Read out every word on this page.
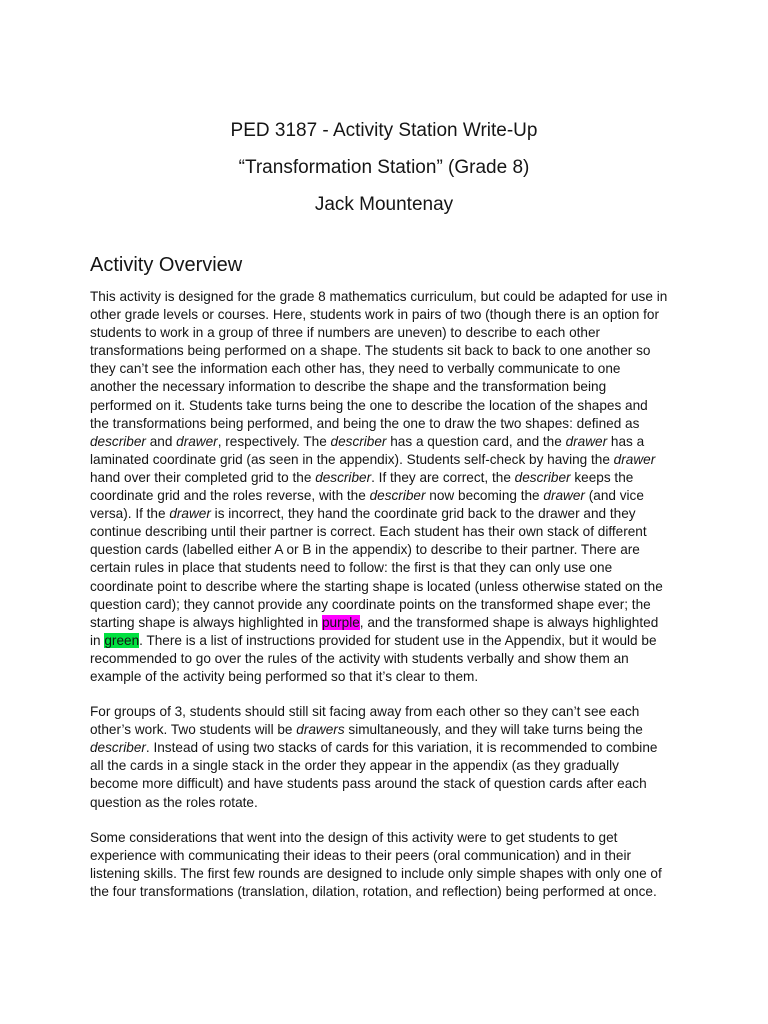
PED 3187 - Activity Station Write-Up

“Transformation Station” (Grade 8)

Jack Mountenay

Activity Overview

This activity is designed for the grade 8 mathematics curriculum, but could be adapted for use in
other grade levels or courses. Here, students work in pairs of two (though there is an option for
students to work in a group of three if numbers are uneven) to describe to each other
transformations being performed on a shape. The students sit back to back to one another so
they can’t see the information each other has, they need to verbally communicate to one
another the necessary information to describe the shape and the transformation being
performed on it. Students take turns being the one to describe the location of the shapes and
the transformations being performed, and being the one to draw the two shapes: defined as
describer and drawer, respectively. The describer has a question card, and the drawer has a
laminated coordinate grid (as seen in the appendix). Students self-check by having the drawer
hand over their completed grid to the describer. If they are correct, the describer keeps the
coordinate grid and the roles reverse, with the describer now becoming the drawer (and vice
versa). If the drawer is incorrect, they hand the coordinate grid back to the drawer and they
continue describing until their partner is correct. Each student has their own stack of different
question cards (labelled either A or B in the appendix) to describe to their partner. There are
certain rules in place that students need to follow: the first is that they can only use one
coordinate point to describe where the starting shape is located (unless otherwise stated on the
question card); they cannot provide any coordinate points on the transformed shape ever; the
starting shape is always highlighted in purple, and the transformed shape is always highlighted
in green. There is a list of instructions provided for student use in the Appendix, but it would be
recommended to go over the rules of the activity with students verbally and show them an
example of the activity being performed so that it’s clear to them.

For groups of 3, students should still sit facing away from each other so they can’t see each
other’s work. Two students will be drawers simultaneously, and they will take turns being the
describer. Instead of using two stacks of cards for this variation, it is recommended to combine
all the cards in a single stack in the order they appear in the appendix (as they gradually
become more difficult) and have students pass around the stack of question cards after each
question as the roles rotate.

Some considerations that went into the design of this activity were to get students to get
experience with communicating their ideas to their peers (oral communication) and in their
listening skills. The first few rounds are designed to include only simple shapes with only one of
the four transformations (translation, dilation, rotation, and reflection) being performed at once.
